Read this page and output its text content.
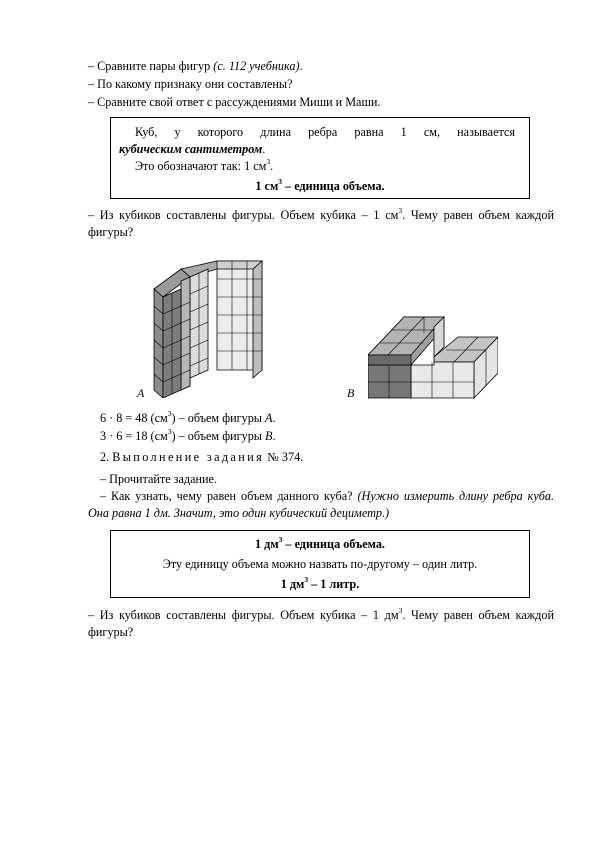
– Сравните пары фигур (с. 112 учебника).
– По какому признаку они составлены?
– Сравните свой ответ с рассуждениями Миши и Маши.
Куб, у которого длина ребра равна 1 см, называется
кубическим сантиметром.
Это обозначают так: 1 $см^3$.
1 $см^3$ – единица объема.
– Из кубиков составлены фигуры. Объем кубика – 1 $см^3$. Чему равен объем каждой фигуры?
A	B
6 · 8 = 48 $(см^3)$ – объем фигуры А.
3 · 6 = 18 $(см^3)$ – объем фигуры В.
2. Выполнение задания № 374.
– Прочитайте задание.
– Как узнать, чему равен объем данного куба? (Нужно измерить длину ребра куба. Она равна 1 дм. Значит, это один кубический дециметр.)
1 $дм^3$ – единица объема.
Эту единицу объема можно назвать по-другому – один литр.
1 $дм^3 - 1$ литр.
– Из кубиков составлены фигуры. Объем кубика – 1 $дм^3$. Чему равен объем каждой фигуры?
